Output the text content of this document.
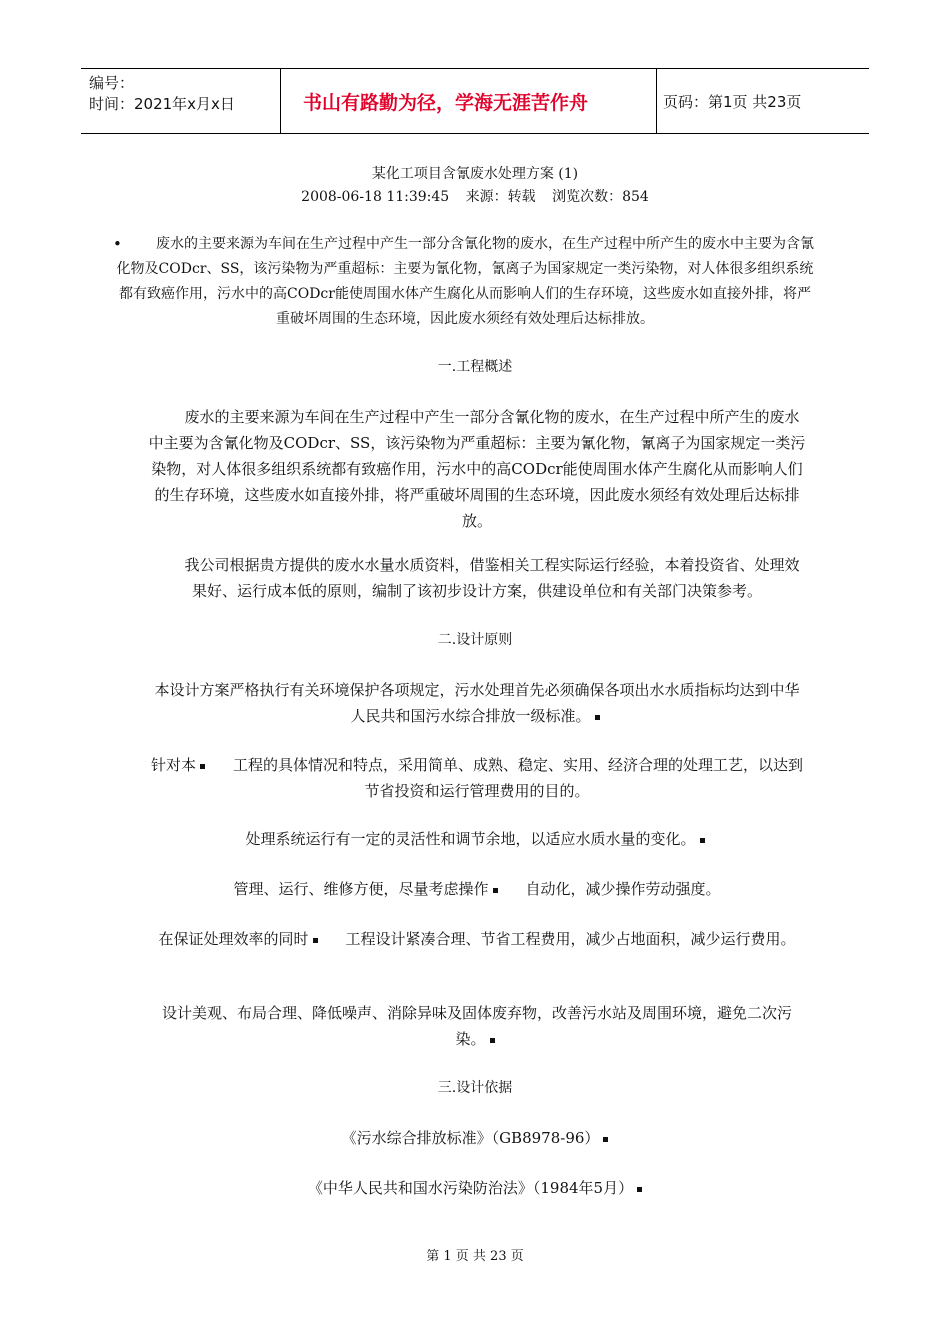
编号：
时间：2021年x月x日	书山有路勤为径，学海无涯苦作舟	页码：第1页 共23页
某化工项目含氰废水处理方案 (1)
2008-06-18 11:39:45 来源：转载 浏览次数：854
• 废水的主要来源为车间在生产过程中产生一部分含氰化物的废水，在生产过程中所产生的废水中主要为含氰化物及CODcr、SS，该污染物为严重超标：主要为氰化物，氰离子为国家规定一类污染物，对人体很多组织系统都有致癌作用，污水中的高CODcr能使周围水体产生腐化从而影响人们的生存环境，这些废水如直接外排，将严重破坏周围的生态环境，因此废水须经有效处理后达标排放。
一.工程概述
废水的主要来源为车间在生产过程中产生一部分含氰化物的废水，在生产过程中所产生的废水中主要为含氰化物及CODcr、SS，该污染物为严重超标：主要为氰化物，氰离子为国家规定一类污染物，对人体很多组织系统都有致癌作用，污水中的高CODcr能使周围水体产生腐化从而影响人们的生存环境，这些废水如直接外排，将严重破坏周围的生态环境，因此废水须经有效处理后达标排放。
我公司根据贵方提供的废水水量水质资料，借鉴相关工程实际运行经验，本着投资省、处理效果好、运行成本低的原则，编制了该初步设计方案，供建设单位和有关部门决策参考。
二.设计原则
本设计方案严格执行有关环境保护各项规定，污水处理首先必须确保各项出水水质指标均达到中华人民共和国污水综合排放一级标准。
针对本 工程的具体情况和特点，采用简单、成熟、稳定、实用、经济合理的处理工艺，以达到节省投资和运行管理费用的目的。
处理系统运行有一定的灵活性和调节余地，以适应水质水量的变化。
管理、运行、维修方便，尽量考虑操作 自动化，减少操作劳动强度。
在保证处理效率的同时 工程设计紧凑合理、节省工程费用，减少占地面积，减少运行费用。
设计美观、布局合理、降低噪声、消除异味及固体废弃物，改善污水站及周围环境，避免二次污染。
三.设计依据
《污水综合排放标准》（GB8978-96）
《中华人民共和国水污染防治法》（1984年5月）
第 1 页 共 23 页
